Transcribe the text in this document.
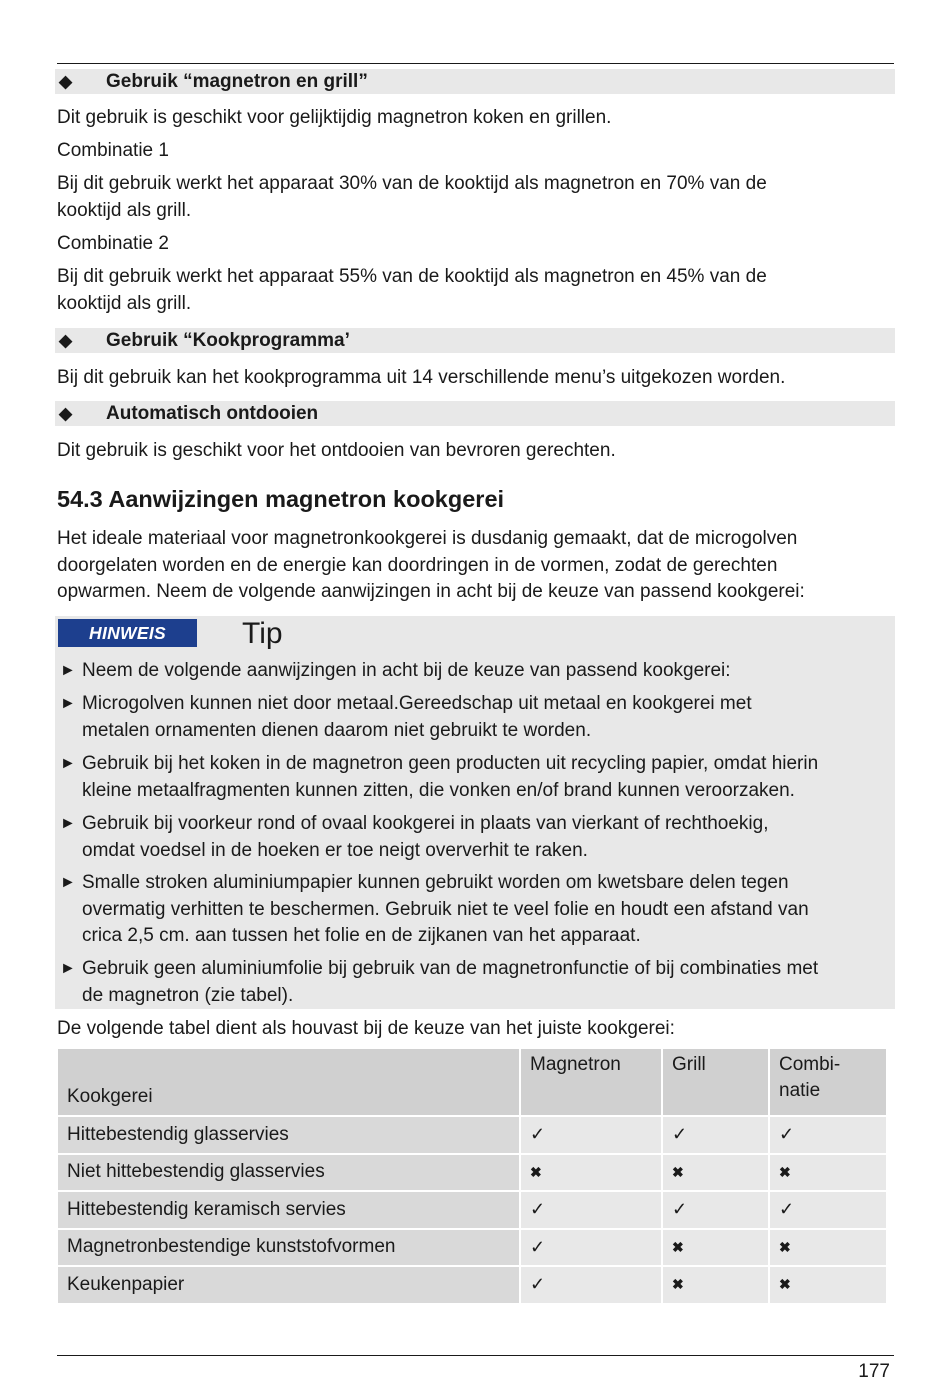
◆ Gebruik “magnetron en grill”
Dit gebruik is geschikt voor gelijktijdig magnetron koken en grillen.
Combinatie 1
Bij dit gebruik werkt het apparaat 30% van de kooktijd als magnetron en 70% van de
kooktijd als grill.
Combinatie 2
Bij dit gebruik werkt het apparaat 55% van de kooktijd als magnetron en 45% van de
kooktijd als grill.
◆ Gebruik “Kookprogramma’
Bij dit gebruik kan het kookprogramma uit 14 verschillende menu’s uitgekozen worden.
◆ Automatisch ontdooien
Dit gebruik is geschikt voor het ontdooien van bevroren gerechten.
54.3 Aanwijzingen magnetron kookgerei
Het ideale materiaal voor magnetronkookgerei is dusdanig gemaakt, dat de microgolven
doorgelaten worden en de energie kan doordringen in de vormen, zodat de gerechten
opwarmen. Neem de volgende aanwijzingen in acht bij de keuze van passend kookgerei:
HINWEIS	Tip
► Neem de volgende aanwijzingen in acht bij de keuze van passend kookgerei:
► Microgolven kunnen niet door metaal.Gereedschap uit metaal en kookgerei met
metalen ornamenten dienen daarom niet gebruikt te worden.
► Gebruik bij het koken in de magnetron geen producten uit recycling papier, omdat hierin
kleine metaalfragmenten kunnen zitten, die vonken en/of brand kunnen veroorzaken.
► Gebruik bij voorkeur rond of ovaal kookgerei in plaats van vierkant of rechthoekig,
omdat voedsel in de hoeken er toe neigt oververhit te raken.
► Smalle stroken aluminiumpapier kunnen gebruikt worden om kwetsbare delen tegen
overmatig verhitten te beschermen. Gebruik niet te veel folie en houdt een afstand van
crica 2,5 cm. aan tussen het folie en de zijkanen van het apparaat.
► Gebruik geen aluminiumfolie bij gebruik van de magnetronfunctie of bij combinaties met
de magnetron (zie tabel).
De volgende tabel dient als houvast bij de keuze van het juiste kookgerei:
Kookgerei	Magnetron	Grill	Combi-
natie
Hittebestendig glasservies	✓	✓	✓
Niet hittebestendig glasservies	✖	✖	✖
Hittebestendig keramisch servies	✓	✓	✓
Magnetronbestendige kunststofvormen	✓	✖	✖
Keukenpapier	✓	✖	✖
177
